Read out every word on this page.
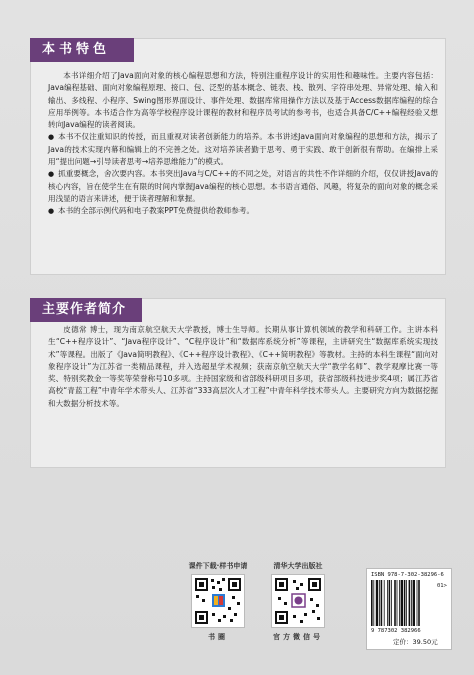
本书特色

本书详细介绍了Java面向对象的核心编程思想和方法，特别注重程序设计的实用性和趣味性。主要内容包括：Java编程基础、面向对象编程原理、接口、包、泛型的基本概念、链表、栈、散列、字符串处理、异常处理、输入和输出、多线程、小程序、Swing图形界面设计、事件处理、数据库常用操作方法以及基于Access数据库编程的综合应用举例等。本书适合作为高等学校程序设计课程的教材和程序员考试的参考书，也适合具备C/C++编程经验又想转向Java编程的读者阅读。

● 本书不仅注重知识的传授，而且重视对读者创新能力的培养。本书讲述Java面向对象编程的思想和方法，揭示了Java的技术实现内幕和编辑上的不完善之处。这对培养读者勤于思考、勇于实践、敢于创新很有帮助。在编排上采用“提出问题→引导读者思考→培养思维能力”的模式。

● 抓重要概念，舍次要内容。本书突出Java与C/C++的不同之处，对语言的共性不作详细的介绍，仅仅讲授Java的核心内容，旨在使学生在有限的时间内掌握Java编程的核心思想。本书语言通俗、风趣，将复杂的面向对象的概念采用浅显的语言来讲述，便于读者理解和掌握。

● 本书的全部示例代码和电子教案PPT免费提供给教师参考。

主要作者简介

皮德常 博士，现为南京航空航天大学教授，博士生导师。长期从事计算机领域的教学和科研工作。主讲本科生“C++程序设计”、“Java程序设计”、“C程序设计”和“数据库系统分析”等课程，主讲研究生“数据库系统实现技术”等课程。出版了《Java简明教程》、《C++程序设计教程》、《C++简明教程》等教材。主持的本科生课程“面向对象程序设计”为江苏省一类精品课程，并入选超星学术视频；获南京航空航天大学“教学名师”、教学观摩比赛一等奖、特别奖教金一等奖等荣誉称号10多项。主持国家级和省部级科研项目多项，获省部级科技进步奖4项；属江苏省高校“青蓝工程”中青年学术带头人、江苏省“333高层次人才工程”中青年科学技术带头人。主要研究方向为数据挖掘和大数据分析技术等。

课件下载·样书申请
书圈
清华大学出版社
官方微信号
ISBN 978-7-302-38296-6
01>
9 787302 382966
定价：39.50元
